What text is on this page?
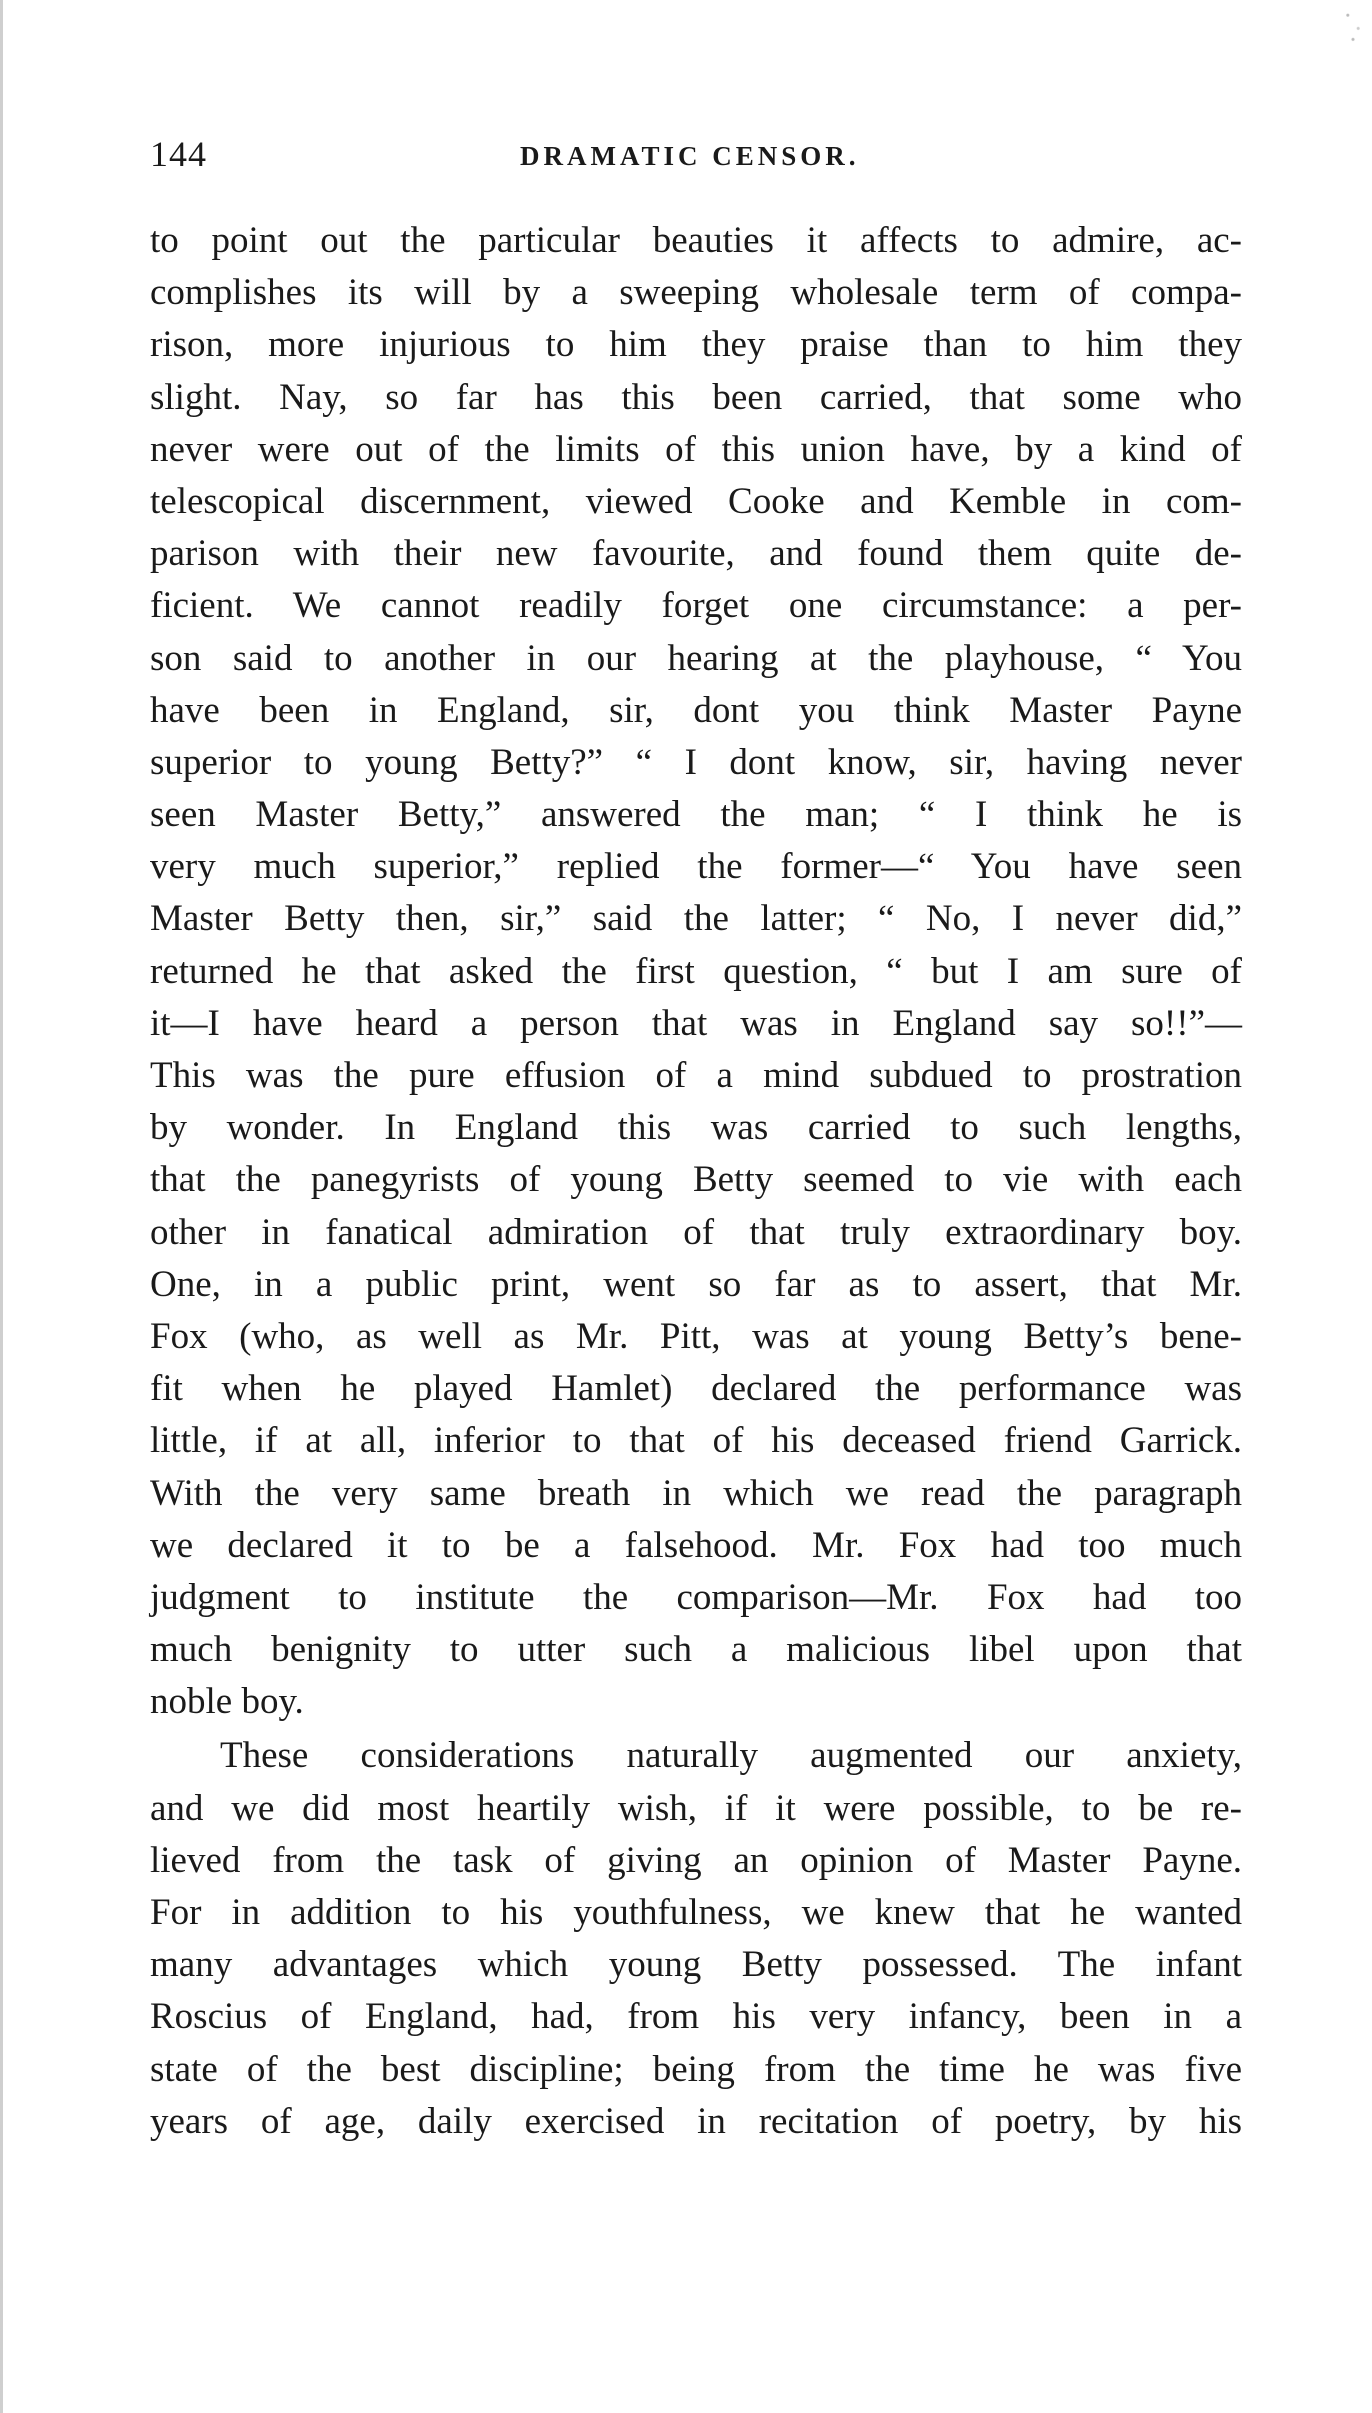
144	DRAMATIC CENSOR.
to point out the particular beauties it affects to admire, ac-
complishes its will by a sweeping wholesale term of compa-
rison, more injurious to him they praise than to him they
slight. Nay, so far has this been carried, that some who
never were out of the limits of this union have, by a kind of
telescopical discernment, viewed Cooke and Kemble in com-
parison with their new favourite, and found them quite de-
ficient. We cannot readily forget one circumstance: a per-
son said to another in our hearing at the playhouse, “ You
have been in England, sir, dont you think Master Payne
superior to young Betty?” “ I dont know, sir, having never
seen Master Betty,” answered the man; “ I think he is
very much superior,” replied the former—“ You have seen
Master Betty then, sir,” said the latter; “ No, I never did,”
returned he that asked the first question, “ but I am sure of
it—I have heard a person that was in England say so!!”—
This was the pure effusion of a mind subdued to prostration
by wonder. In England this was carried to such lengths,
that the panegyrists of young Betty seemed to vie with each
other in fanatical admiration of that truly extraordinary boy.
One, in a public print, went so far as to assert, that Mr.
Fox (who, as well as Mr. Pitt, was at young Betty’s bene-
fit when he played Hamlet) declared the performance was
little, if at all, inferior to that of his deceased friend Garrick.
With the very same breath in which we read the paragraph
we declared it to be a falsehood. Mr. Fox had too much
judgment to institute the comparison—Mr. Fox had too
much benignity to utter such a malicious libel upon that
noble boy.
These considerations naturally augmented our anxiety,
and we did most heartily wish, if it were possible, to be re-
lieved from the task of giving an opinion of Master Payne.
For in addition to his youthfulness, we knew that he wanted
many advantages which young Betty possessed. The infant
Roscius of England, had, from his very infancy, been in a
state of the best discipline; being from the time he was five
years of age, daily exercised in recitation of poetry, by his
